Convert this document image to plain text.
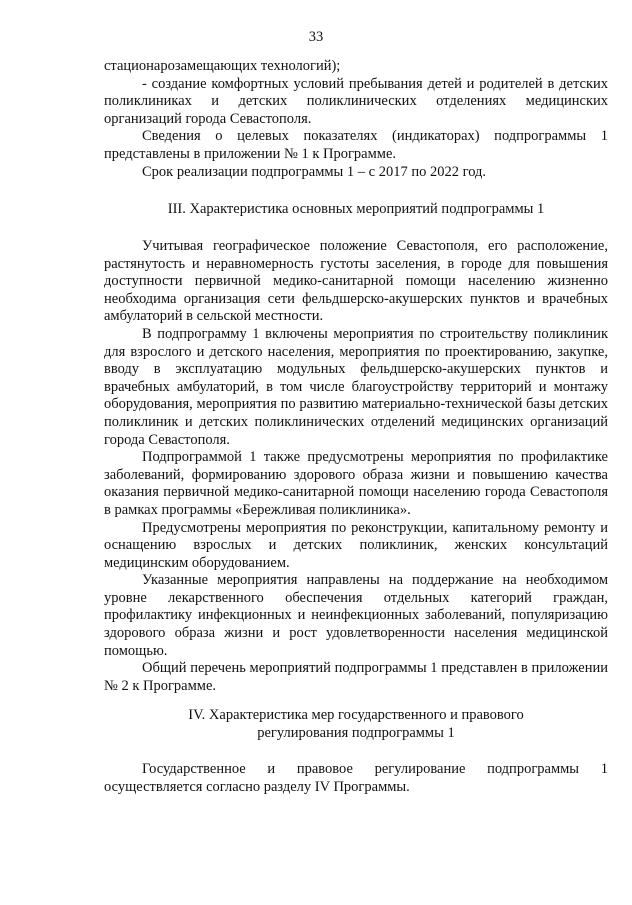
33

стационарозамещающих технологий);

- создание комфортных условий пребывания детей и родителей в детских поликлиниках и детских поликлинических отделениях медицинских организаций города Севастополя.

Сведения о целевых показателях (индикаторах) подпрограммы 1 представлены в приложении № 1 к Программе.

Срок реализации подпрограммы 1 – с 2017 по 2022 год.

III. Характеристика основных мероприятий подпрограммы 1

Учитывая географическое положение Севастополя, его расположение, растянутость и неравномерность густоты заселения, в городе для повышения доступности первичной медико-санитарной помощи населению жизненно необходима организация сети фельдшерско-акушерских пунктов и врачебных амбулаторий в сельской местности.

В подпрограмму 1 включены мероприятия по строительству поликлиник для взрослого и детского населения, мероприятия по проектированию, закупке, вводу в эксплуатацию модульных фельдшерско-акушерских пунктов и врачебных амбулаторий, в том числе благоустройству территорий и монтажу оборудования, мероприятия по развитию материально-технической базы детских поликлиник и детских поликлинических отделений медицинских организаций города Севастополя.

Подпрограммой 1 также предусмотрены мероприятия по профилактике заболеваний, формированию здорового образа жизни и повышению качества оказания первичной медико-санитарной помощи населению города Севастополя в рамках программы «Бережливая поликлиника».

Предусмотрены мероприятия по реконструкции, капитальному ремонту и оснащению взрослых и детских поликлиник, женских консультаций медицинским оборудованием.

Указанные мероприятия направлены на поддержание на необходимом уровне лекарственного обеспечения отдельных категорий граждан, профилактику инфекционных и неинфекционных заболеваний, популяризацию здорового образа жизни и рост удовлетворенности населения медицинской помощью.

Общий перечень мероприятий подпрограммы 1 представлен в приложении № 2 к Программе.

IV. Характеристика мер государственного и правового
регулирования подпрограммы 1

Государственное и правовое регулирование подпрограммы 1 осуществляется согласно разделу IV Программы.
